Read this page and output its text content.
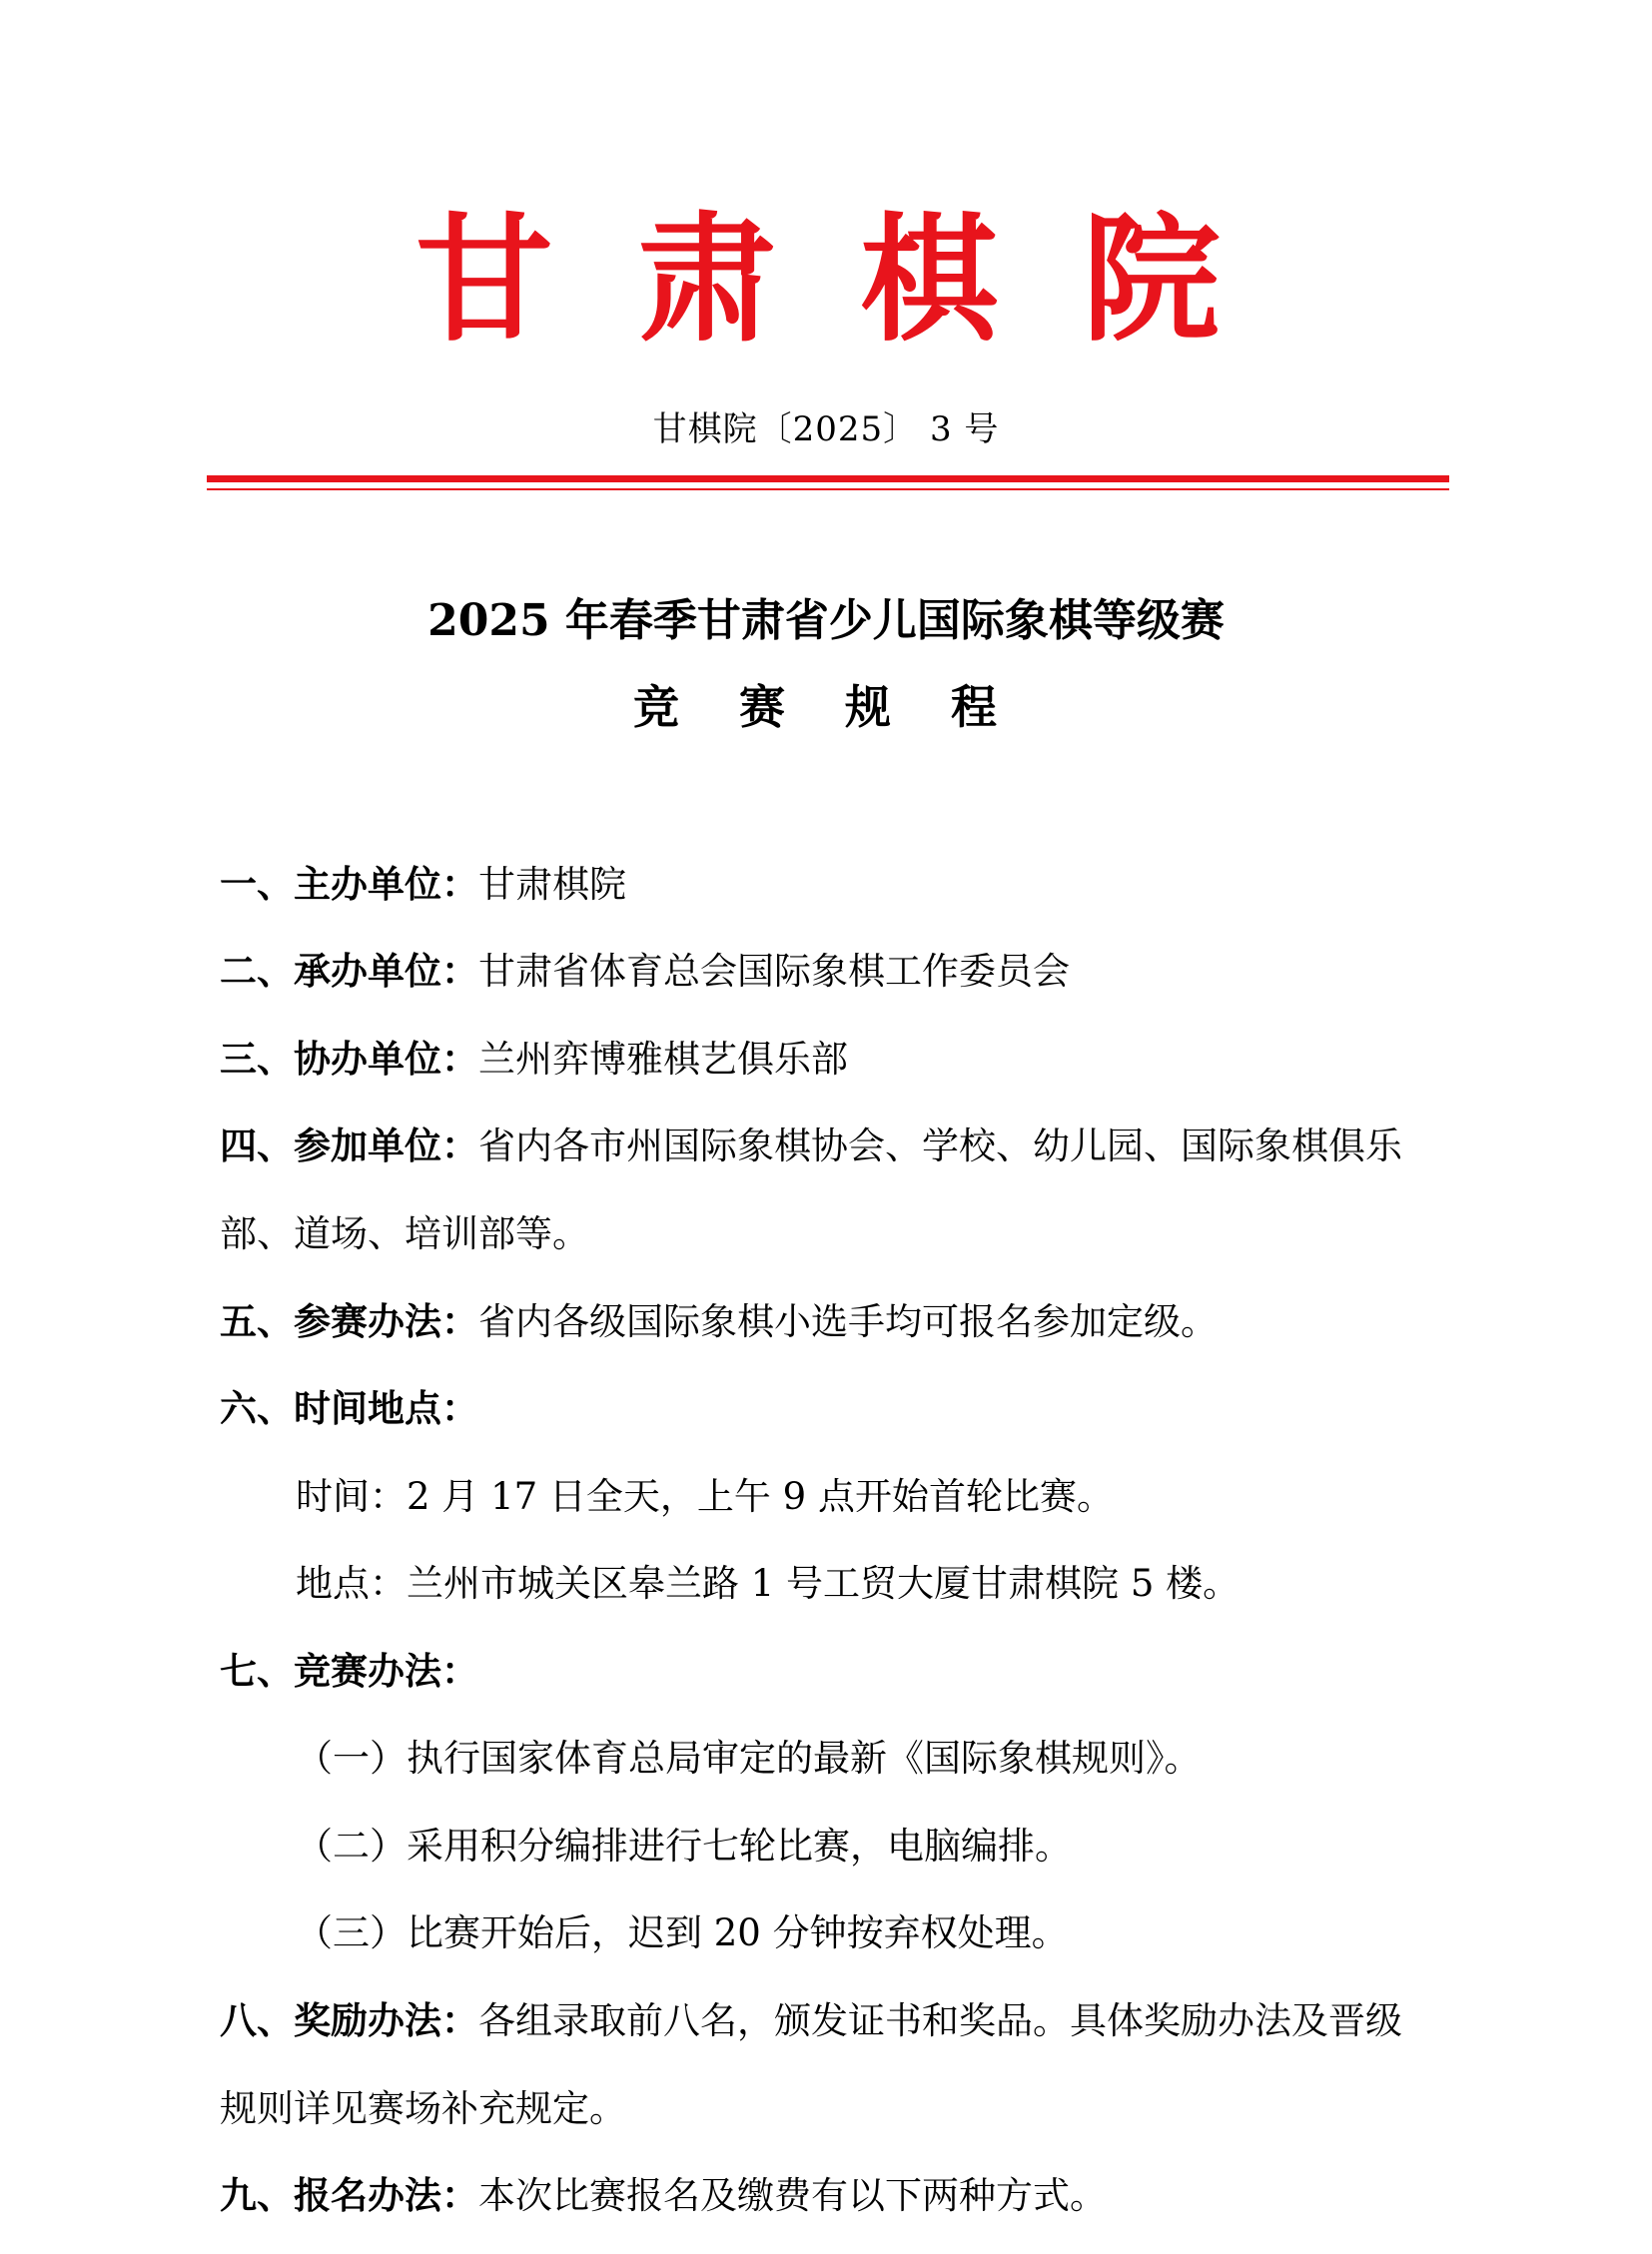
甘 肃 棋 院
甘棋院〔2025〕 3 号
2025 年春季甘肃省少儿国际象棋等级赛
竞 赛 规 程
一、主办单位：甘肃棋院
二、承办单位：甘肃省体育总会国际象棋工作委员会
三、协办单位：兰州弈博雅棋艺俱乐部
四、参加单位：省内各市州国际象棋协会、学校、幼儿园、国际象棋俱乐
部、道场、培训部等。
五、参赛办法：省内各级国际象棋小选手均可报名参加定级。
六、时间地点：
时间：2 月 17 日全天，上午 9 点开始首轮比赛。
地点：兰州市城关区皋兰路 1 号工贸大厦甘肃棋院 5 楼。
七、竞赛办法：
（一）执行国家体育总局审定的最新《国际象棋规则》。
（二）采用积分编排进行七轮比赛，电脑编排。
（三）比赛开始后，迟到 20 分钟按弃权处理。
八、奖励办法：各组录取前八名，颁发证书和奖品。具体奖励办法及晋级
规则详见赛场补充规定。
九、报名办法：本次比赛报名及缴费有以下两种方式。
